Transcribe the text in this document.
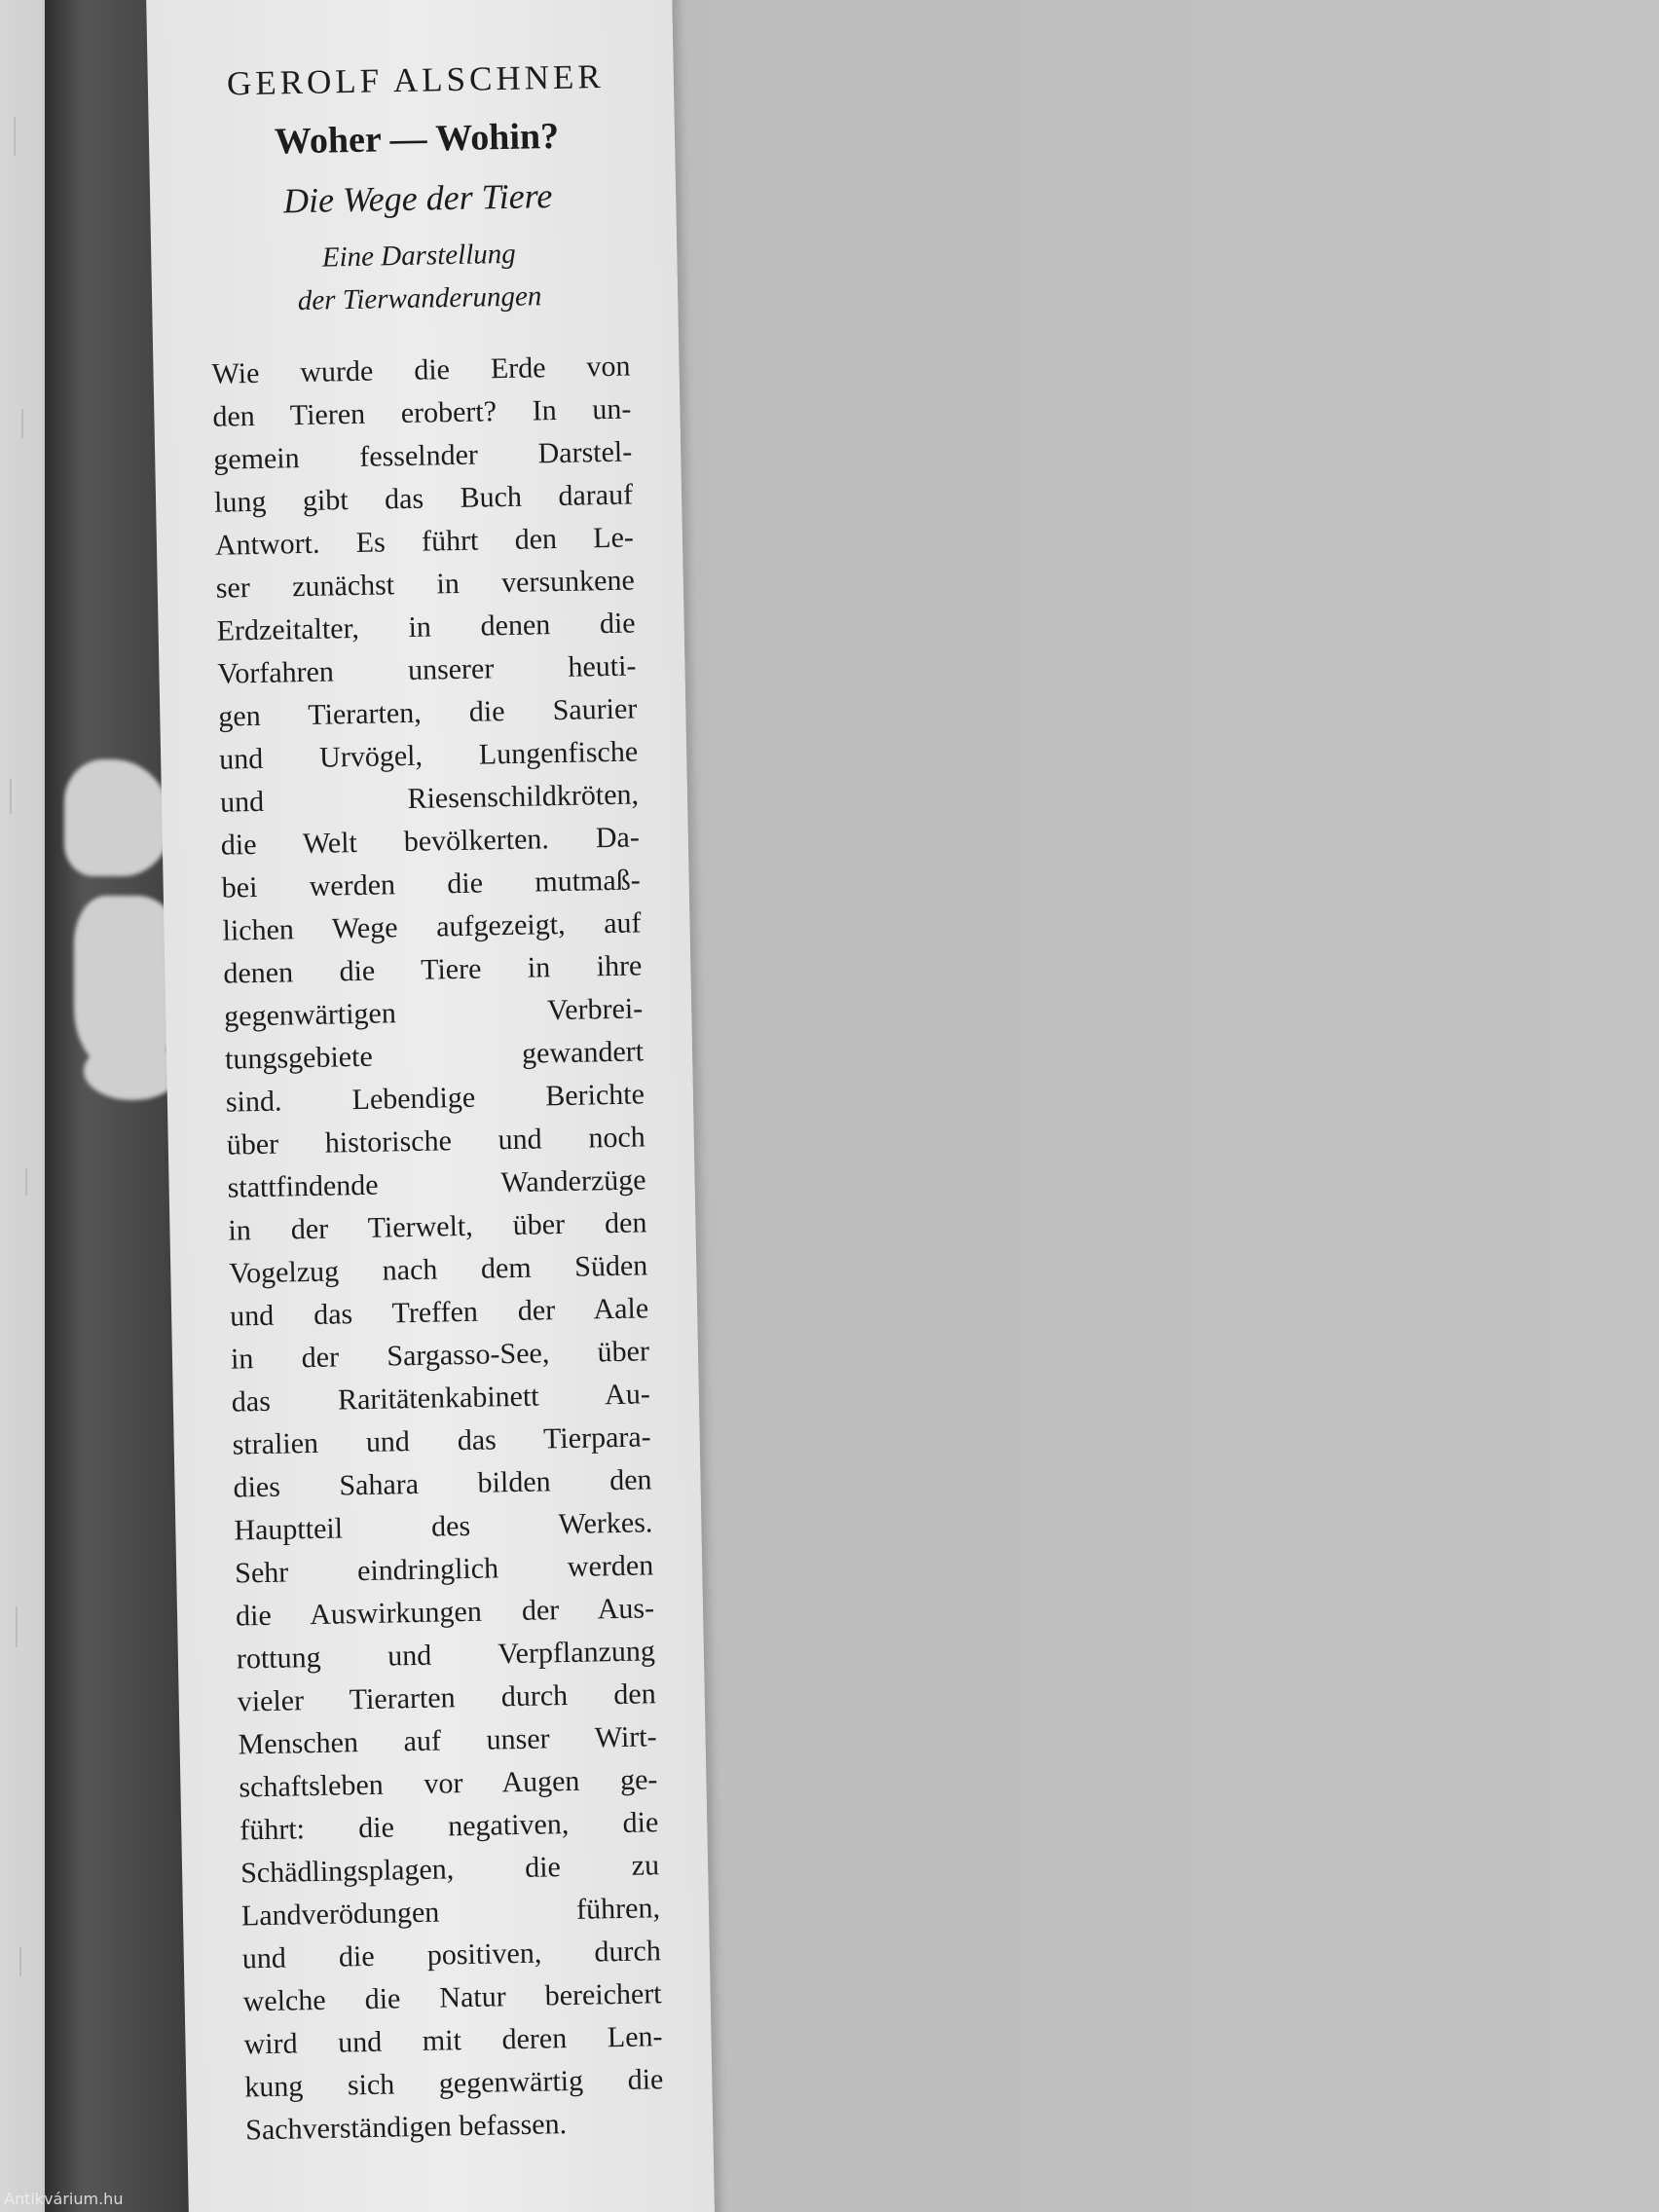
GEROLF ALSCHNER
Woher — Wohin?
Die Wege der Tiere
Eine Darstellung
der Tierwanderungen
Wie wurde die Erde von
den Tieren erobert? In un-
gemein fesselnder Darstel-
lung gibt das Buch darauf
Antwort. Es führt den Le-
ser zunächst in versunkene
Erdzeitalter, in denen die
Vorfahren unserer heuti-
gen Tierarten, die Saurier
und Urvögel, Lungenfische
und Riesenschildkröten,
die Welt bevölkerten. Da-
bei werden die mutmaß-
lichen Wege aufgezeigt, auf
denen die Tiere in ihre
gegenwärtigen Verbrei-
tungsgebiete gewandert
sind. Lebendige Berichte
über historische und noch
stattfindende Wanderzüge
in der Tierwelt, über den
Vogelzug nach dem Süden
und das Treffen der Aale
in der Sargasso-See, über
das Raritätenkabinett Au-
stralien und das Tierpara-
dies Sahara bilden den
Hauptteil des Werkes.
Sehr eindringlich werden
die Auswirkungen der Aus-
rottung und Verpflanzung
vieler Tierarten durch den
Menschen auf unser Wirt-
schaftsleben vor Augen ge-
führt: die negativen, die
Schädlingsplagen, die zu
Landverödungen führen,
und die positiven, durch
welche die Natur bereichert
wird und mit deren Len-
kung sich gegenwärtig die
Sachverständigen befassen.
Antikvárium.hu
